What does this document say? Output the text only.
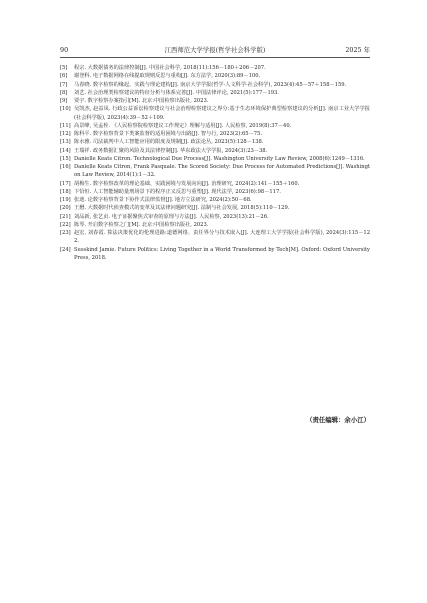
90	江西师范大学学报(哲学社会科学版)	2025 年
[5]	程宗. 大数据债务的法律控制[J]. 中国社会科学, 2018(11):156－180＋206－207.
[6]	谢登科. 电子数据网络在线提取规则反思与重构[J]. 东方法学, 2020(3):89－100.
[7]	马春晓. 数字检察的缘起、实践与理论建构[J]. 南京大学学报(哲学·人文科学·社会科学), 2023(4):45－57＋158－159.
[8]	刘艺. 社会治理类检察建议的特征分析与体系完善[J]. 中国法律评论, 2021(5):177－193.
[9]	贾宇. 数字检察办案指引[M]. 北京:中国检察出版社, 2023.
[10] 吴凯杰, 赵益凤. 行政公益诉讼检察建议与社会治理检察建议之界分:基于生态环境保护典型检察建议的分析[J]. 南京工业大学学报(社会科学版), 2023(4):39－52＋109.
[11] 高景峰, 吴孟栓. 《人民检察院检察建议工作规定》理解与适用[J]. 人民检察, 2019(8):37－40.
[12] 陈科平. 数字检察背景下类案监督的适用困境与出路[J]. 智与行, 2023(2):65－75.
[13] 陈水雅. 司法裁判中人工智能应用的限度及规制[J]. 政法论丛, 2023(5):128－138.
[14] 王瑞祥. 政务数据汇聚的风险及其法律控制[J]. 华东政法大学学报, 2024(3):23－38.
[15] Danielle Keats Citron. Technological Due Process[J]. Washington University Law Review, 2008(6):1249－1316.
[16] Danielle Keats Citron, Frank Pasquale. The Scored Society: Due Process for Automated Predictions[J]. Washington Law Review, 2014(1):1－32.
[17] 胡梅生. 数字检察改革的理论基础、实践困境与发展向向[J]. 治理研究, 2024(2):141－155＋160.
[18] 卞恰恒. 人工智能辅助量刑场景下的程序正义反思与重塑[J]. 现代法学, 2023(6):98－117.
[19] 张迪. 论数字检察背景下协作式法律监督[J]. 地方立法研究, 2024(2):50－68.
[20] 王懋. 大数据时代侦查模式的变革及其法律问题研究[J]. 法制与社会发展, 2018(5):110－129.
[21] 刘品新, 张艺贞. 电子证据聚焦式审查的原理与方法[J]. 人民检察, 2023(13):21－26.
[22] 陈琴. 开启数字检察之门[M]. 北京:中国检察出版社, 2023.
[23] 赵宏, 刘春霞. 算法决策优化的伦理进路:道德网络、责任界分与技术嵌入[J]. 大连理工大学学报(社会科学版), 2024(3):115－122.
[24] Susskind Jamie. Future Politics: Living Together in a World Transformed by Tech[M]. Oxford: Oxford University Press, 2018.
（责任编辑：余小江）
